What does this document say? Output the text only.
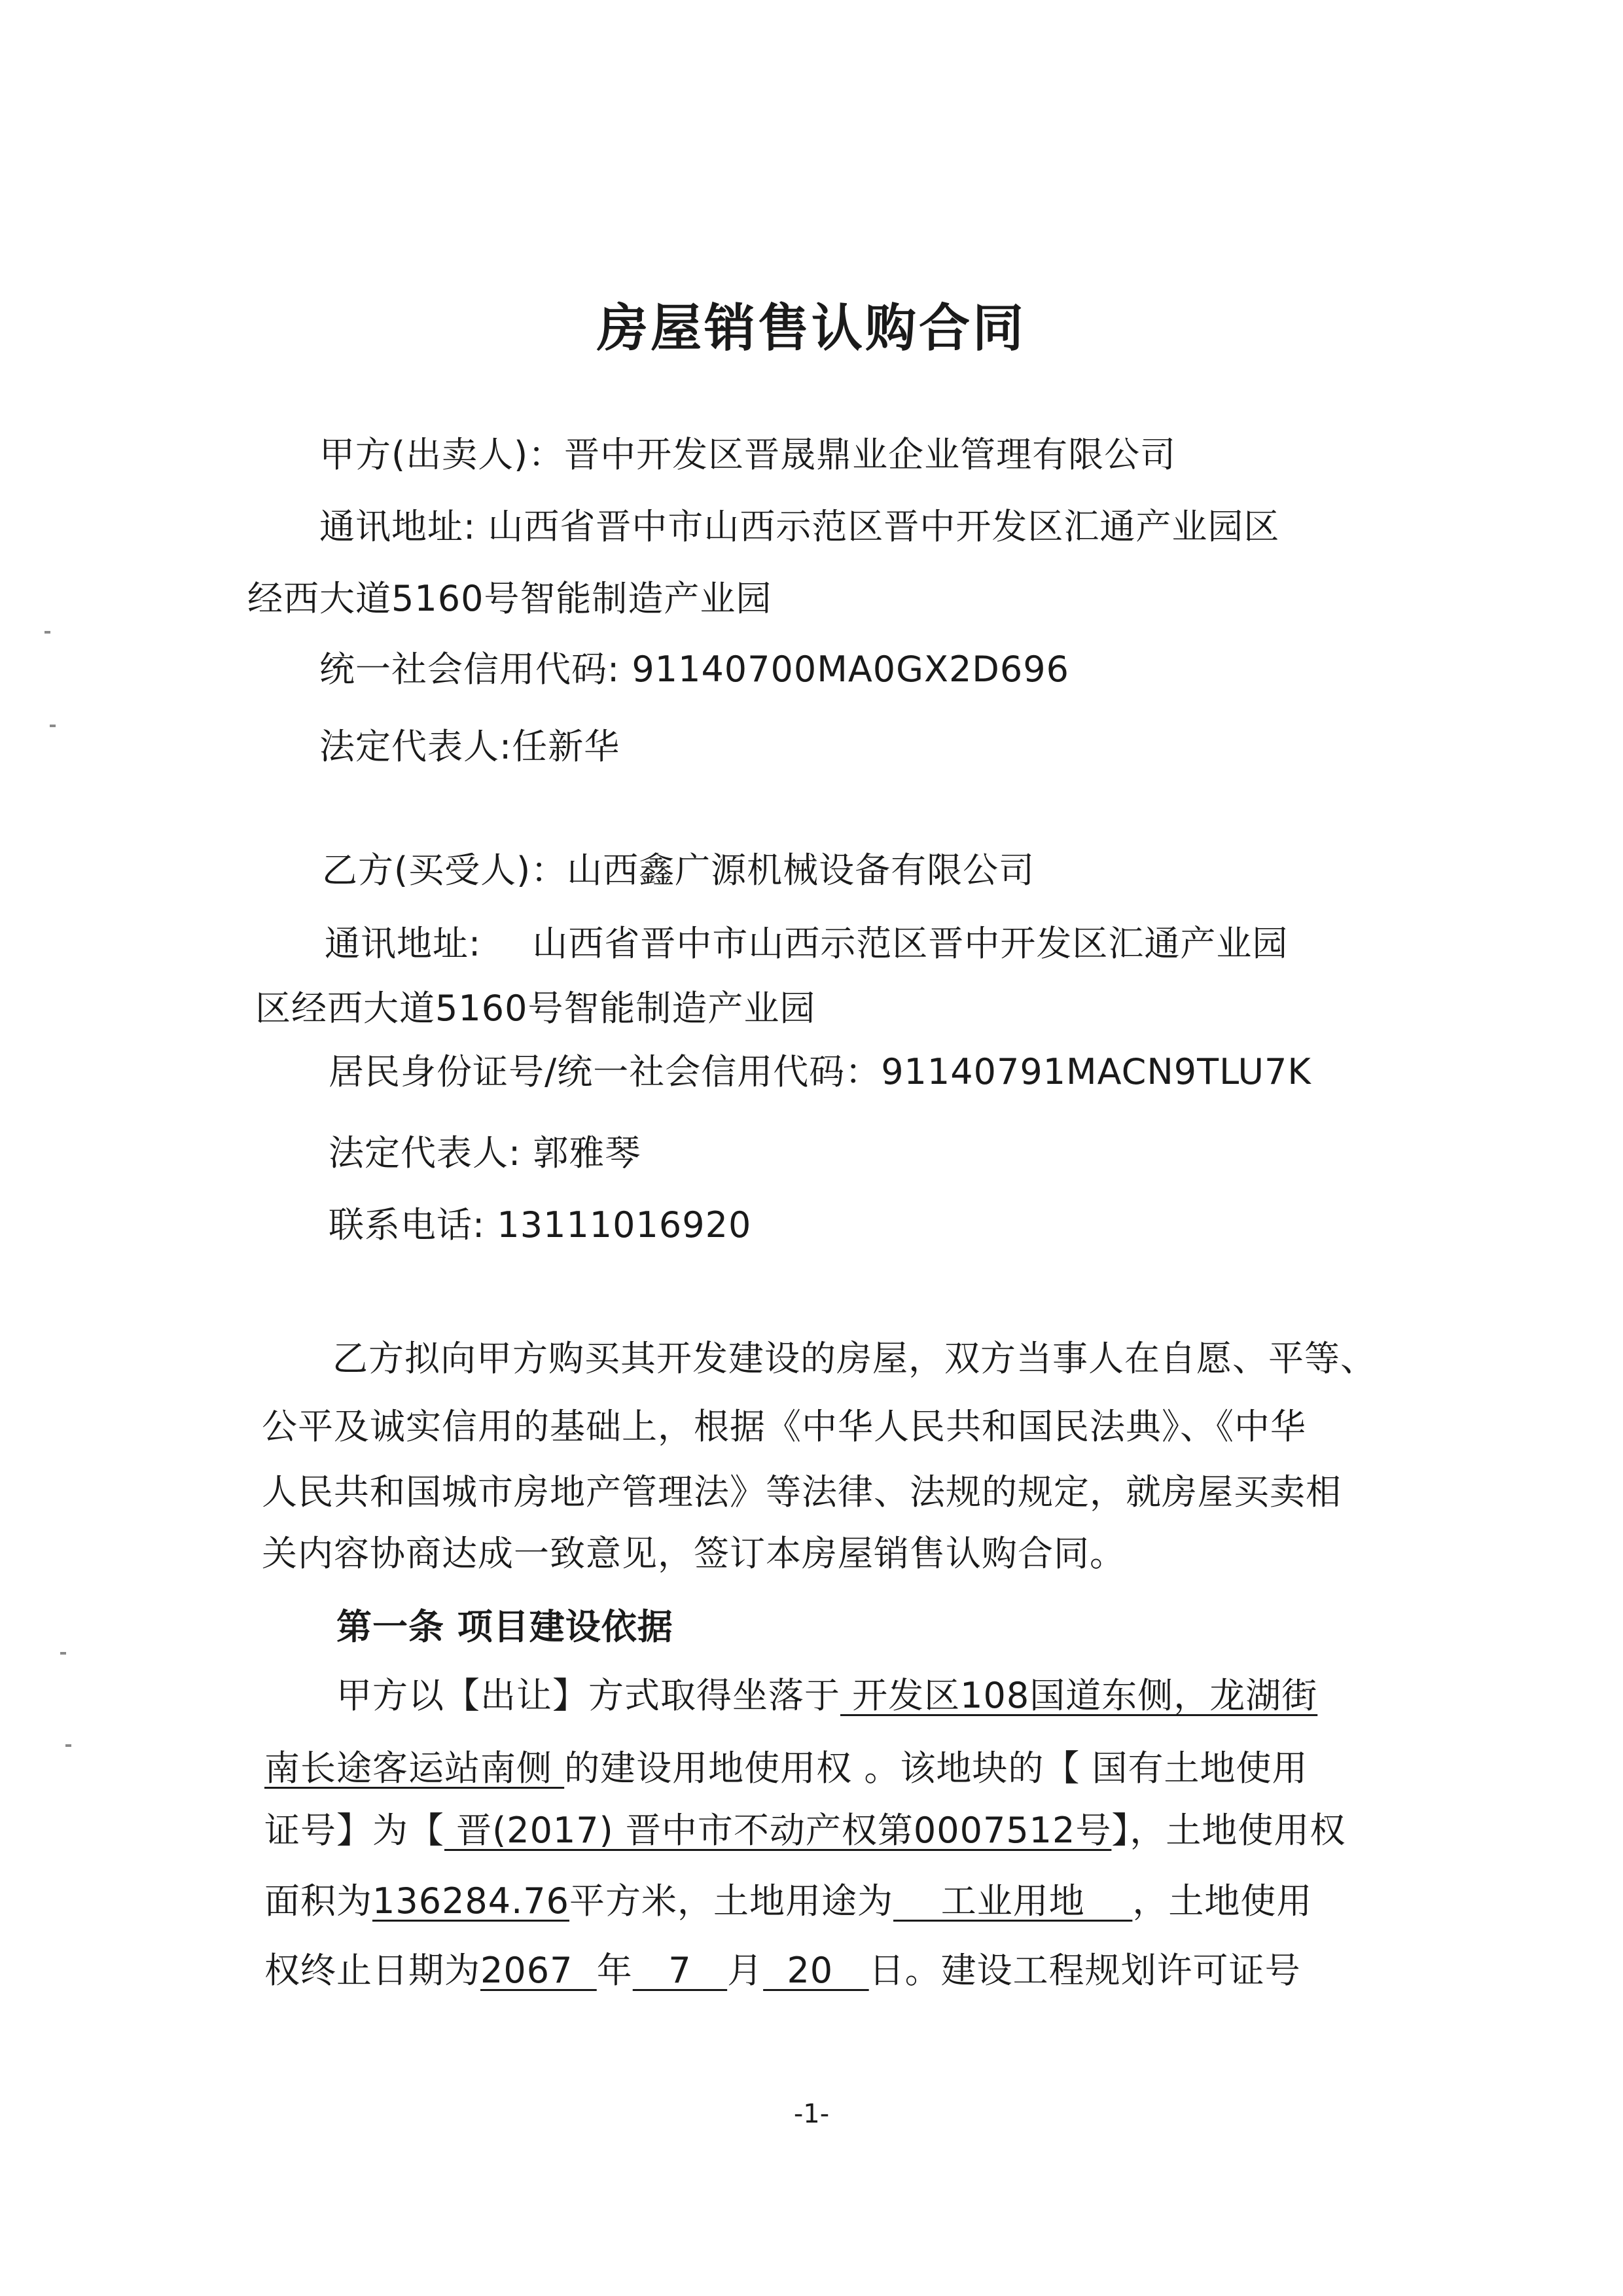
房屋销售认购合同
甲方(出卖人)：晋中开发区晋晟鼎业企业管理有限公司
通讯地址: 山西省晋中市山西示范区晋中开发区汇通产业园区
经西大道5160号智能制造产业园
统一社会信用代码: 91140700MA0GX2D696
法定代表人:任新华
乙方(买受人)：山西鑫广源机械设备有限公司
通讯地址: 山西省晋中市山西示范区晋中开发区汇通产业园
区经西大道5160号智能制造产业园
居民身份证号/统一社会信用代码：91140791MACN9TLU7K
法定代表人: 郭雅琴
联系电话: 13111016920
乙方拟向甲方购买其开发建设的房屋，双方当事人在自愿、平等、
公平及诚实信用的基础上，根据《中华人民共和国民法典》、《中华
人民共和国城市房地产管理法》等法律、法规的规定，就房屋买卖相
关内容协商达成一致意见，签订本房屋销售认购合同。
第一条 项目建设依据
甲方以【出让】方式取得坐落于 开发区108国道东侧，龙湖街
南长途客运站南侧 的建设用地使用权 。该地块的【 国有土地使用
证号】为【 晋(2017) 晋中市不动产权第0007512号】，土地使用权
面积为136284.76平方米，土地用途为    工业用地    ，土地使用
权终止日期为2067  年   7   月  20   日。建设工程规划许可证号
-1-
